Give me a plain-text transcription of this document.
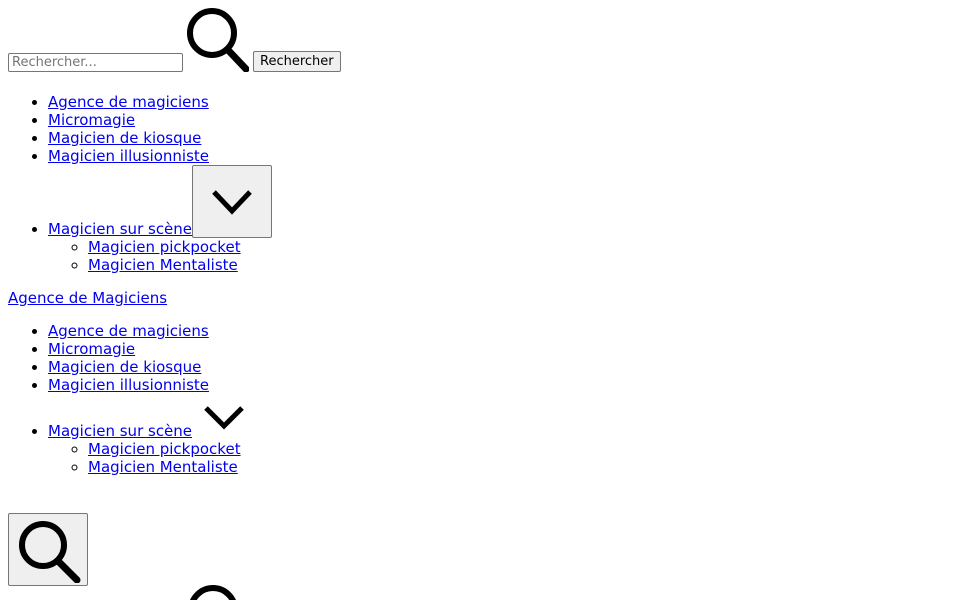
Rechercher...
Rechercher
• Agence de magiciens
• Micromagie
• Magicien de kiosque
• Magicien illusionniste
• Magicien sur scène
◦ Magicien pickpocket
◦ Magicien Mentaliste
Agence de Magiciens
• Agence de magiciens
• Micromagie
• Magicien de kiosque
• Magicien illusionniste
• Magicien sur scène
◦ Magicien pickpocket
◦ Magicien Mentaliste
